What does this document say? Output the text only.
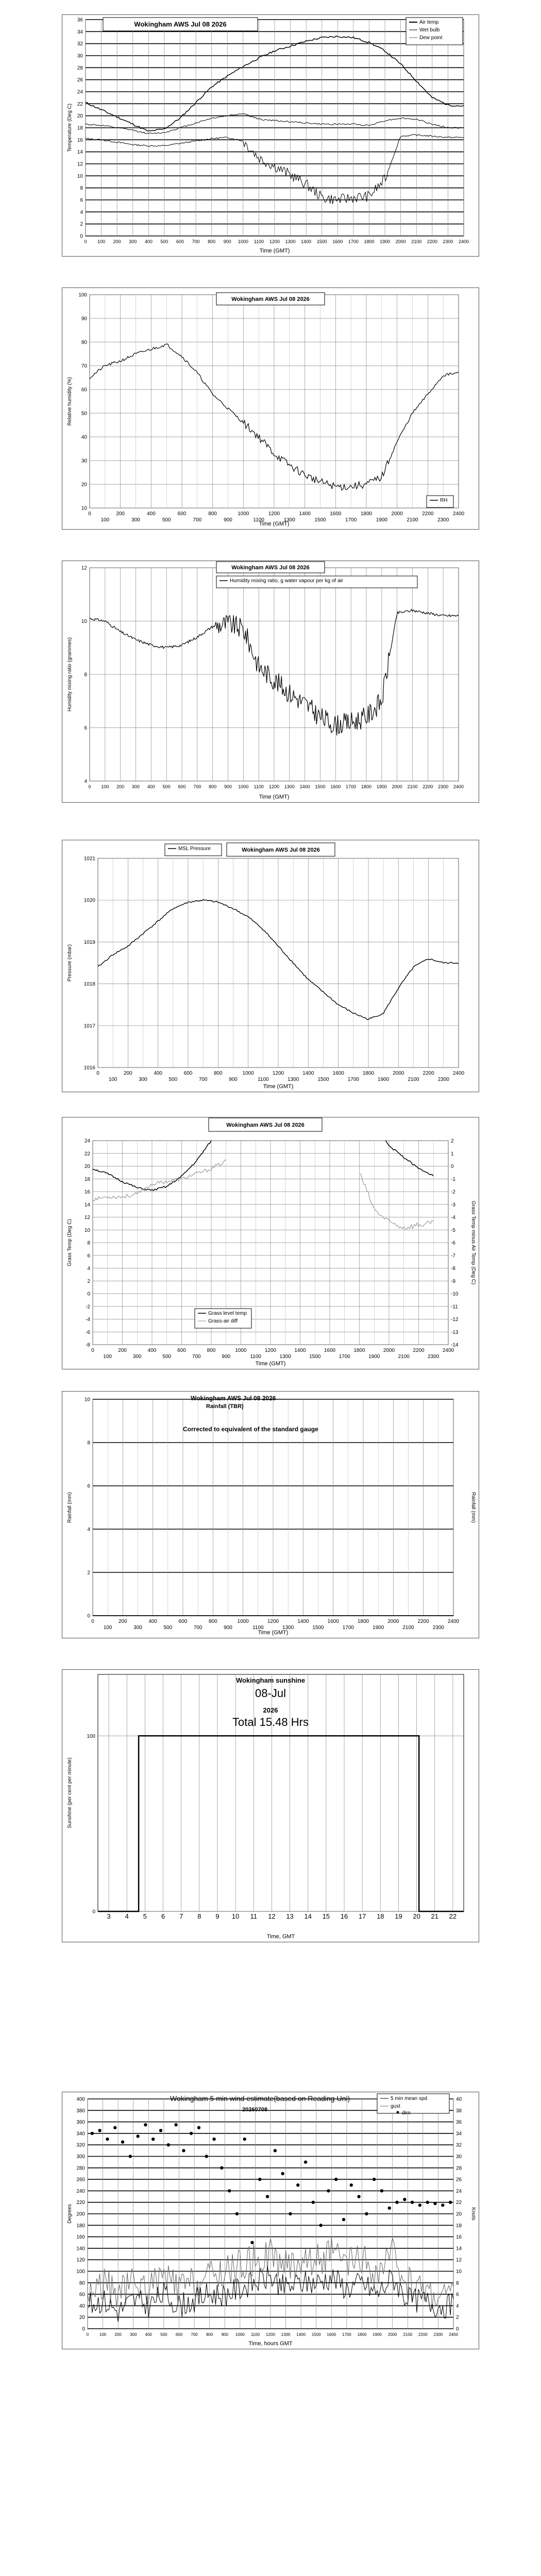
0
2
4
6
8
10
12
14
16
18
20
22
24
26
28
30
32
34
36
0 100 200 300 400 500 600 700 800 900 1000 1100 1200 1300 1400 1500 1600 1700 1800 1900 2000 2100 2200 2300 2400
Time (GMT)
Temperature (Deg C)
Wokingham AWS Jul 08 2026	Air temp
Wet bulb
Dew point
10
20
30
40
50
60
70
80
90
100
0	200	400	600	800	1000	1200	1400	1600	1800	2000	2200	2400
100	300	500	700	900	1100	1300	1500	1700	1900	2100	2300
Time (GMT)
Relative humidity (%)
Wokingham AWS Jul 08 2026
RH
4
6
8
10
12
0 100 200 300 400 500 600 700 800 900 1000 1100 1200 1300 1400 1500 1600 1700 1800 1900 2000 2100 2200 2300 2400
Time (GMT)
Humidity mixing ratio (grammes)
Wokingham AWS Jul 08 2026
Humidity mixing ratio, g water vapour per kg of air
1016
1017
1018
1019
1020
1021
0	200	400	600	800	1000	1200	1400	1600	1800	2000	2200	2400
100	300	500	700	900	1100	1300	1500	1700	1900	2100	2300
Time (GMT)
Pressure (mbar)
Wokingham AWS Jul 08 2026
MSL Pressure
-8
-6
-4
-2
0
2
4
6
8
10
12
14
16
18
20
22
24
-14
-13
-12
-11
-10
-9
-8
-7
-6
-5
-4
-3
-2
-1
0
1
2
0	200	400	600	800	1000	1200	1400	1600	1800	2000	2200	2400
100	300	500	700	900	1100	1300	1500	1700	1900	2100	2300
Time (GMT)
Grass Temp (Deg C)	Grass Temp minus Air Temp (Deg C)
Wokingham AWS Jul 08 2026
Grass level temp
Grass-air diff
0
2
4
6
8
10
0	200	400	600	800	1000	1200	1400	1600	1800	2000	2200	2400
100	300	500	700	900	1100	1300	1500	1700	1900	2100	2300
Time (GMT)
Rainfall (mm)	Rainfall (mm)
Wokingham AWS Jul 08 2026
Rainfall (TBR)
Corrected to equivalent of the standard gauge
0
100
3 4 5 6 7 8 9 10 11 12 13 14 15 16 17 18 19 20 21 22
Time, GMT
Sunshine (per cent per minute)
Wokingham sunshine
08-Jul
2026
Total 15.48 Hrs
0
20
40
60
80
100
120
140
160
180
200
220
240
260
280
300
320
340
360
380
400
0
2
4
6
8
10
12
14
16
18
20
22
24
26
28
30
32
34
36
38
40
0	100 200 300 400 500 600 700 800 900 1000 1100 1200 1300 1400 1500 1600 1700 1800 1900 2000 2100 2200 2300 2400
Time, hours GMT
Degrees	Knots
Wokingham 5 min wind estimate(based on Reading Uni)
20260708
5 min mean spd
gust
dirn
